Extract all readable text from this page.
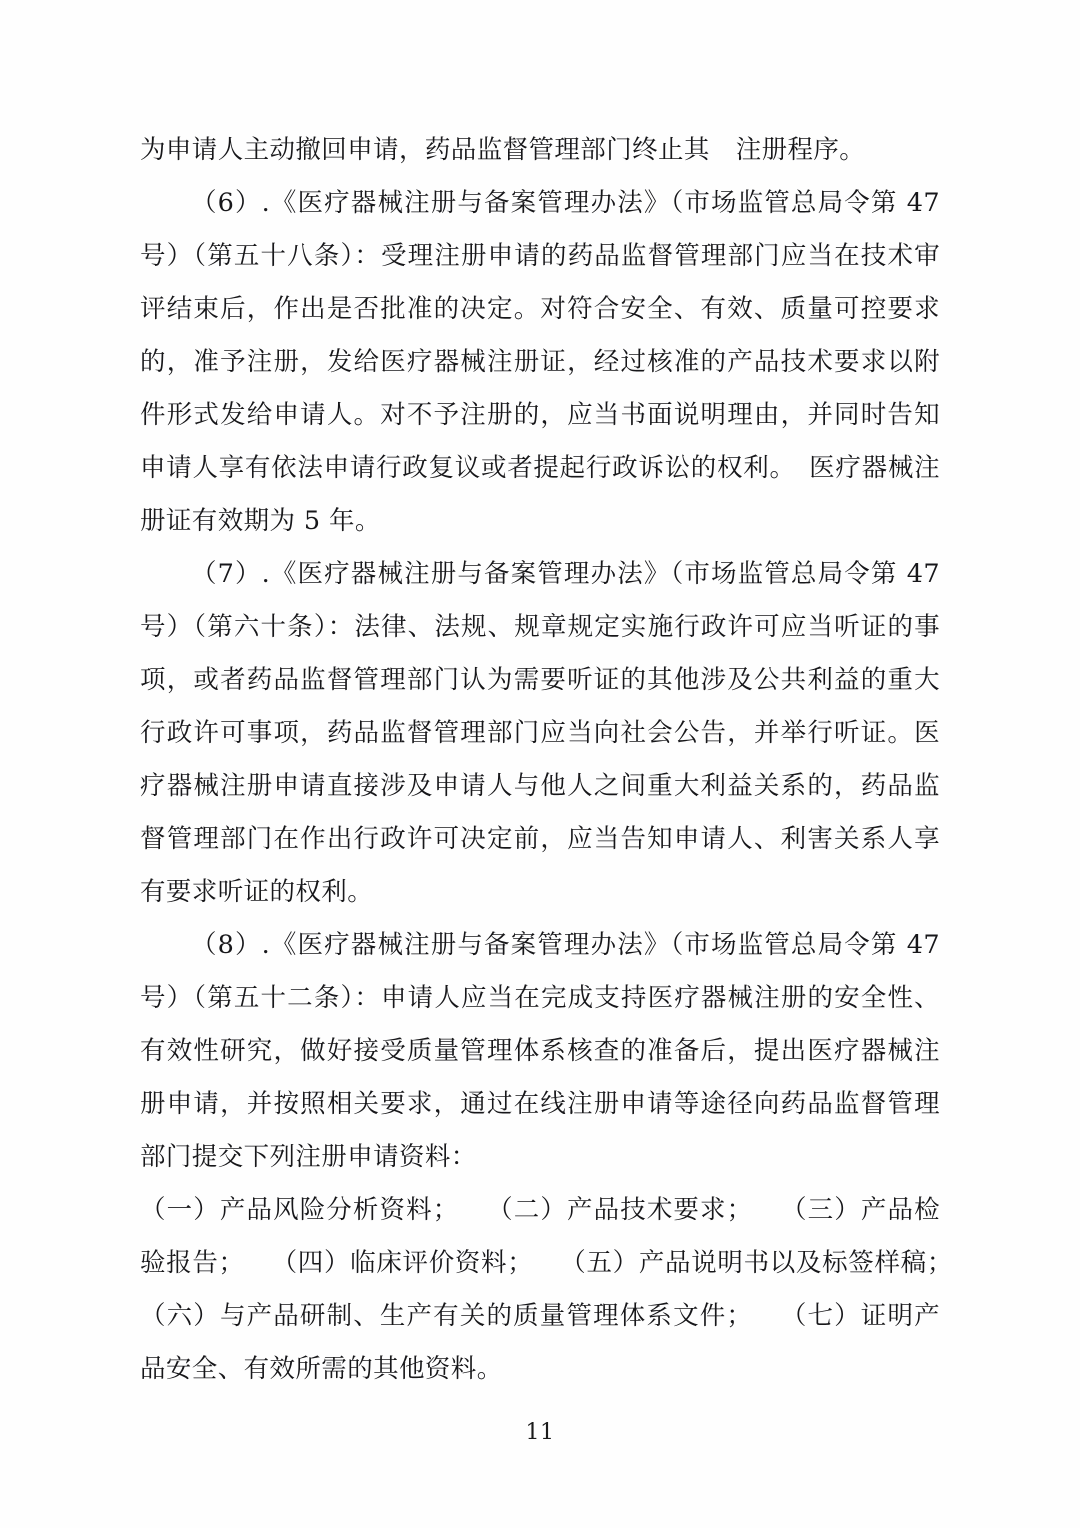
为申请人主动撤回申请，药品监督管理部门终止其　注册程序。

（6）.《医疗器械注册与备案管理办法》（市场监管总局令第 47 号）（第五十八条）：受理注册申请的药品监督管理部门应当在技术审评结束后，作出是否批准的决定。对符合安全、有效、质量可控要求的，准予注册，发给医疗器械注册证，经过核准的产品技术要求以附件形式发给申请人。对不予注册的，应当书面说明理由，并同时告知申请人享有依法申请行政复议或者提起行政诉讼的权利。　医疗器械注册证有效期为 5 年。

（7）.《医疗器械注册与备案管理办法》（市场监管总局令第 47 号）（第六十条）：法律、法规、规章规定实施行政许可应当听证的事项，或者药品监督管理部门认为需要听证的其他涉及公共利益的重大行政许可事项，药品监督管理部门应当向社会公告，并举行听证。医疗器械注册申请直接涉及申请人与他人之间重大利益关系的，药品监督管理部门在作出行政许可决定前，应当告知申请人、利害关系人享有要求听证的权利。

（8）.《医疗器械注册与备案管理办法》（市场监管总局令第 47 号）（第五十二条）：申请人应当在完成支持医疗器械注册的安全性、有效性研究，做好接受质量管理体系核查的准备后，提出医疗器械注册申请，并按照相关要求，通过在线注册申请等途径向药品监督管理部门提交下列注册申请资料：

（一）产品风险分析资料；　　（二）产品技术要求；　　（三）产品检验报告；　　（四）临床评价资料；　　（五）产品说明书以及标签样稿；　　（六）与产品研制、生产有关的质量管理体系文件；　　（七）证明产品安全、有效所需的其他资料。

11
